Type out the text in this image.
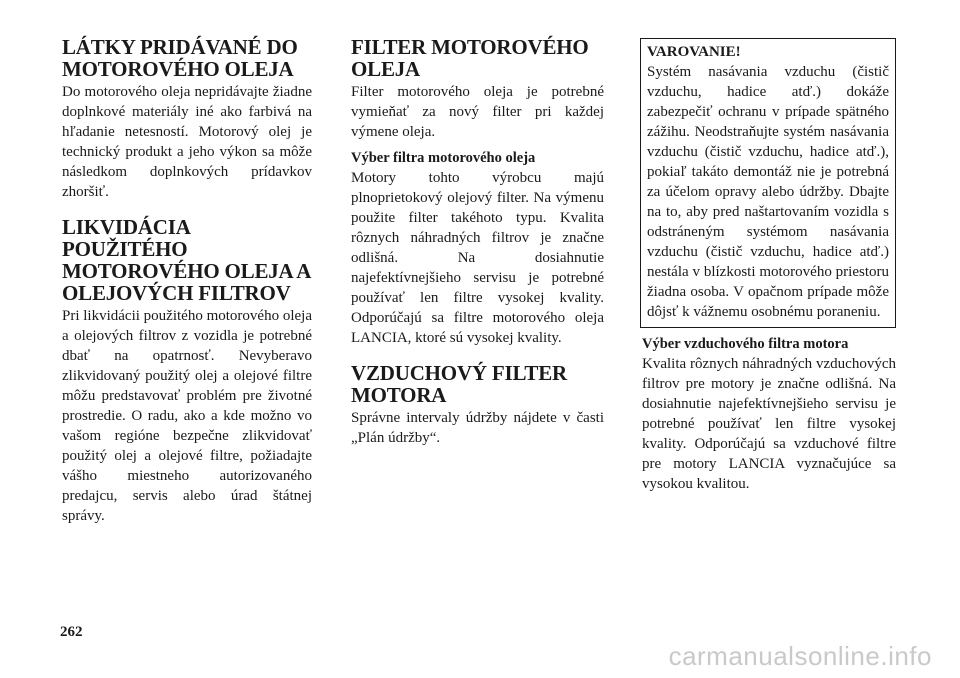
LÁTKY PRIDÁVANÉ DO MOTOROVÉHO OLEJA

Do motorového oleja nepridávajte žiadne doplnkové materiály iné ako farbivá na hľadanie netesností. Motorový olej je technický produkt a jeho výkon sa môže následkom doplnkových prídavkov zhoršiť.

LIKVIDÁCIA POUŽITÉHO MOTOROVÉHO OLEJA A OLEJOVÝCH FILTROV

Pri likvidácii použitého motorového oleja a olejových filtrov z vozidla je potrebné dbať na opatrnosť. Nevyberavo zlikvidovaný použitý olej a olejové filtre môžu predstavovať problém pre životné prostredie. O radu, ako a kde možno vo vašom regióne bezpečne zlikvidovať použitý olej a olejové filtre, požiadajte vášho miestneho autorizovaného predajcu, servis alebo úrad štátnej správy.

FILTER MOTOROVÉHO OLEJA

Filter motorového oleja je potrebné vymieňať za nový filter pri každej výmene oleja.

Výber filtra motorového oleja

Motory tohto výrobcu majú plnoprietokový olejový filter. Na výmenu použite filter takéhoto typu. Kvalita rôznych náhradných filtrov je značne odlišná. Na dosiahnutie najefektívnejšieho servisu je potrebné používať len filtre vysokej kvality. Odporúčajú sa filtre motorového oleja LANCIA, ktoré sú vysokej kvality.

VZDUCHOVÝ FILTER MOTORA

Správne intervaly údržby nájdete v časti „Plán údržby“.

VAROVANIE!

Systém nasávania vzduchu (čistič vzduchu, hadice atď.) dokáže zabezpečiť ochranu v prípade spätného zážihu. Neodstraňujte systém nasávania vzduchu (čistič vzduchu, hadice atď.), pokiaľ takáto demontáž nie je potrebná za účelom opravy alebo údržby. Dbajte na to, aby pred naštartovaním vozidla s odstráneným systémom nasávania vzduchu (čistič vzduchu, hadice atď.) nestála v blízkosti motorového priestoru žiadna osoba. V opačnom prípade môže dôjsť k vážnemu osobnému poraneniu.

Výber vzduchového filtra motora

Kvalita rôznych náhradných vzduchových filtrov pre motory je značne odlišná. Na dosiahnutie najefektívnejšieho servisu je potrebné používať len filtre vysokej kvality. Odporúčajú sa vzduchové filtre pre motory LANCIA vyznačujúce sa vysokou kvalitou.

262
carmanualsonline.info
